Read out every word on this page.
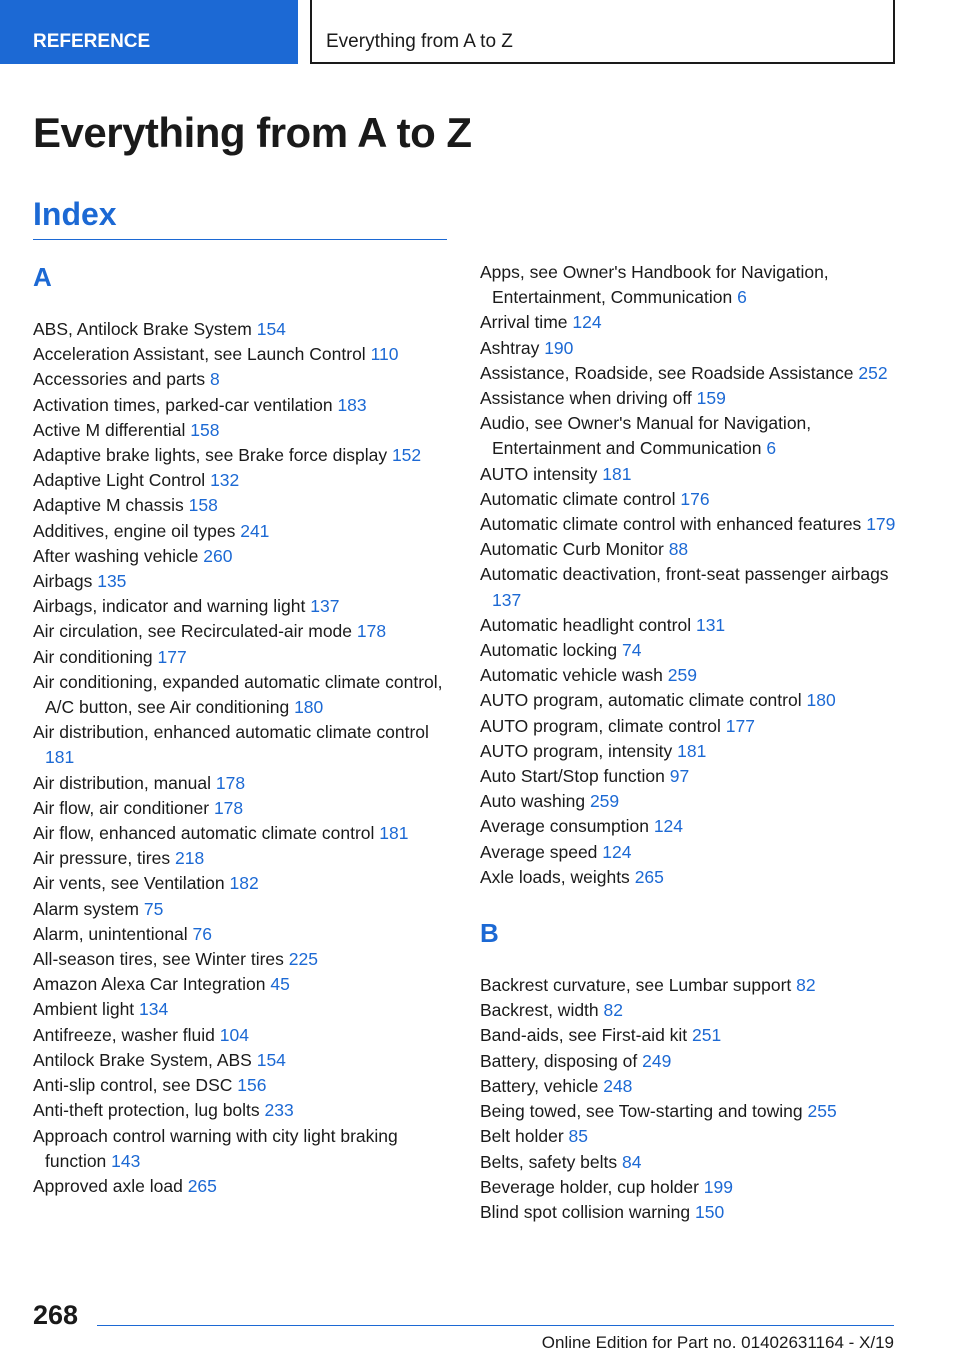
REFERENCE	Everything from A to Z
Everything from A to Z
Index
A
ABS, Antilock Brake System 154
Acceleration Assistant, see Launch Control 110
Accessories and parts 8
Activation times, parked-car ventilation 183
Active M differential 158
Adaptive brake lights, see Brake force display 152
Adaptive Light Control 132
Adaptive M chassis 158
Additives, engine oil types 241
After washing vehicle 260
Airbags 135
Airbags, indicator and warning light 137
Air circulation, see Recirculated-air mode 178
Air conditioning 177
Air conditioning, expanded automatic climate control, A/C button, see Air conditioning 180
Air distribution, enhanced automatic climate control 181
Air distribution, manual 178
Air flow, air conditioner 178
Air flow, enhanced automatic climate control 181
Air pressure, tires 218
Air vents, see Ventilation 182
Alarm system 75
Alarm, unintentional 76
All-season tires, see Winter tires 225
Amazon Alexa Car Integration 45
Ambient light 134
Antifreeze, washer fluid 104
Antilock Brake System, ABS 154
Anti-slip control, see DSC 156
Anti-theft protection, lug bolts 233
Approach control warning with city light braking function 143
Approved axle load 265
Apps, see Owner's Handbook for Navigation, Entertainment, Communication 6
Arrival time 124
Ashtray 190
Assistance, Roadside, see Roadside Assistance 252
Assistance when driving off 159
Audio, see Owner's Manual for Navigation, Entertainment and Communication 6
AUTO intensity 181
Automatic climate control 176
Automatic climate control with enhanced features 179
Automatic Curb Monitor 88
Automatic deactivation, front-seat passenger airbags 137
Automatic headlight control 131
Automatic locking 74
Automatic vehicle wash 259
AUTO program, automatic climate control 180
AUTO program, climate control 177
AUTO program, intensity 181
Auto Start/Stop function 97
Auto washing 259
Average consumption 124
Average speed 124
Axle loads, weights 265
B
Backrest curvature, see Lumbar support 82
Backrest, width 82
Band-aids, see First-aid kit 251
Battery, disposing of 249
Battery, vehicle 248
Being towed, see Tow-starting and towing 255
Belt holder 85
Belts, safety belts 84
Beverage holder, cup holder 199
Blind spot collision warning 150
268
Online Edition for Part no. 01402631164 - X/19
